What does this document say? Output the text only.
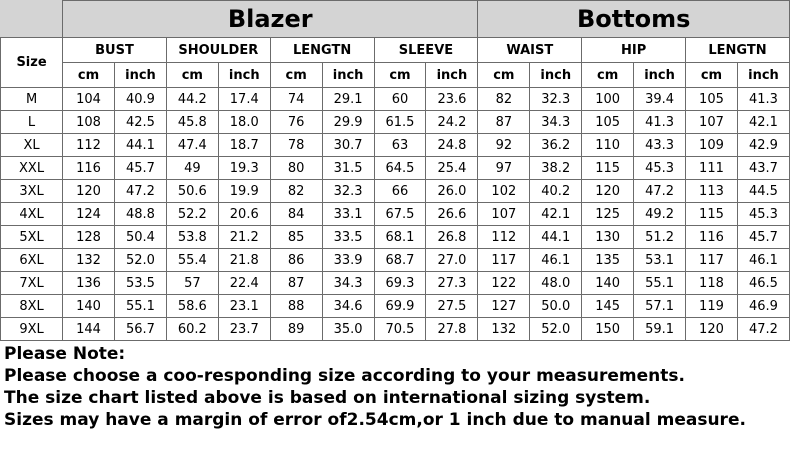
	Blazer								Bottoms					
Size	BUST		SHOULDER		LENGTN		SLEEVE		WAIST		HIP		LENGTN	
	cm	inch	cm	inch	cm	inch	cm	inch	cm	inch	cm	inch	cm	inch
M	104	40.9	44.2	17.4	74	29.1	60	23.6	82	32.3	100	39.4	105	41.3
L	108	42.5	45.8	18.0	76	29.9	61.5	24.2	87	34.3	105	41.3	107	42.1
XL	112	44.1	47.4	18.7	78	30.7	63	24.8	92	36.2	110	43.3	109	42.9
XXL	116	45.7	49	19.3	80	31.5	64.5	25.4	97	38.2	115	45.3	111	43.7
3XL	120	47.2	50.6	19.9	82	32.3	66	26.0	102	40.2	120	47.2	113	44.5
4XL	124	48.8	52.2	20.6	84	33.1	67.5	26.6	107	42.1	125	49.2	115	45.3
5XL	128	50.4	53.8	21.2	85	33.5	68.1	26.8	112	44.1	130	51.2	116	45.7
6XL	132	52.0	55.4	21.8	86	33.9	68.7	27.0	117	46.1	135	53.1	117	46.1
7XL	136	53.5	57	22.4	87	34.3	69.3	27.3	122	48.0	140	55.1	118	46.5
8XL	140	55.1	58.6	23.1	88	34.6	69.9	27.5	127	50.0	145	57.1	119	46.9
9XL	144	56.7	60.2	23.7	89	35.0	70.5	27.8	132	52.0	150	59.1	120	47.2
Please Note:
Please choose a coo-responding size according to your measurements.
The size chart listed above is based on international sizing system.
Sizes may have a margin of error of2.54cm,or 1 inch due to manual measure.
